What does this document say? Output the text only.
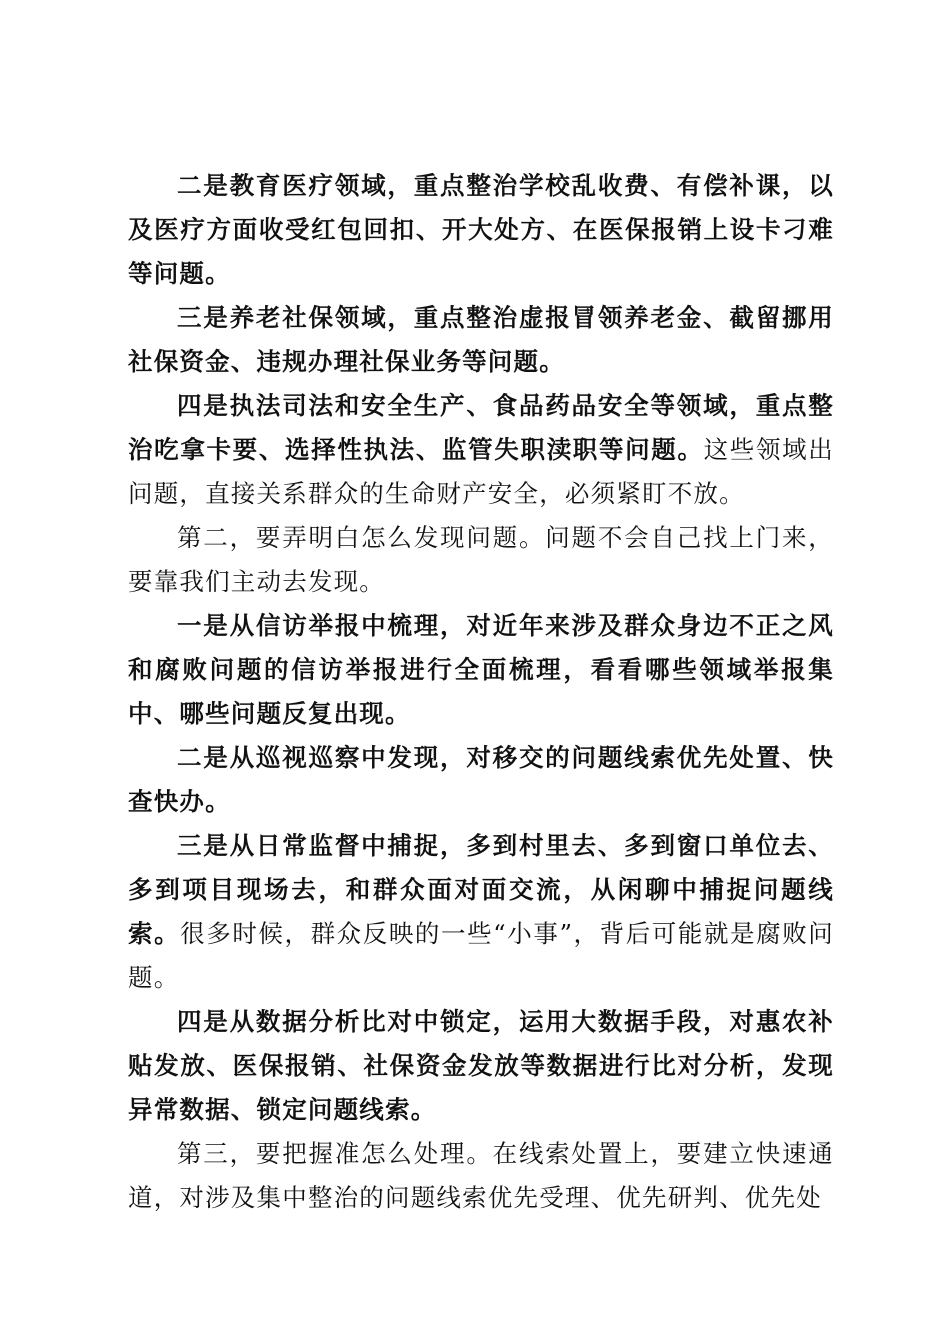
二是教育医疗领域，重点整治学校乱收费、有偿补课，以及医疗方面收受红包回扣、开大处方、在医保报销上设卡刁难等问题。

三是养老社保领域，重点整治虚报冒领养老金、截留挪用社保资金、违规办理社保业务等问题。

四是执法司法和安全生产、食品药品安全等领域，重点整治吃拿卡要、选择性执法、监管失职渎职等问题。这些领域出问题，直接关系群众的生命财产安全，必须紧盯不放。

第二，要弄明白怎么发现问题。问题不会自己找上门来，要靠我们主动去发现。

一是从信访举报中梳理，对近年来涉及群众身边不正之风和腐败问题的信访举报进行全面梳理，看看哪些领域举报集中、哪些问题反复出现。

二是从巡视巡察中发现，对移交的问题线索优先处置、快查快办。

三是从日常监督中捕捉，多到村里去、多到窗口单位去、多到项目现场去，和群众面对面交流，从闲聊中捕捉问题线索。很多时候，群众反映的一些“小事”，背后可能就是腐败问题。

四是从数据分析比对中锁定，运用大数据手段，对惠农补贴发放、医保报销、社保资金发放等数据进行比对分析，发现异常数据、锁定问题线索。

第三，要把握准怎么处理。在线索处置上，要建立快速通道，对涉及集中整治的问题线索优先受理、优先研判、优先处
